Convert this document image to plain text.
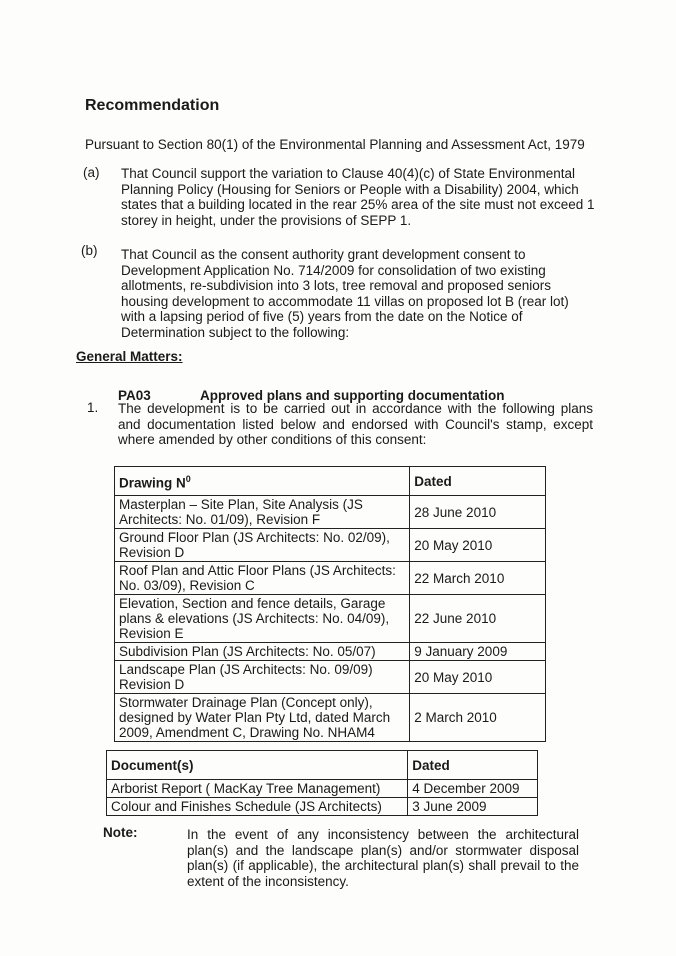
Recommendation
Pursuant to Section 80(1) of the Environmental Planning and Assessment Act, 1979
(a) That Council support the variation to Clause 40(4)(c) of State Environmental Planning Policy (Housing for Seniors or People with a Disability) 2004, which states that a building located in the rear 25% area of the site must not exceed 1 storey in height, under the provisions of SEPP 1.
(b) That Council as the consent authority grant development consent to Development Application No. 714/2009 for consolidation of two existing allotments, re-subdivision into 3 lots, tree removal and proposed seniors housing development to accommodate 11 villas on proposed lot B (rear lot) with a lapsing period of five (5) years from the date on the Notice of Determination subject to the following:
General Matters:
PA03	Approved plans and supporting documentation
1. The development is to be carried out in accordance with the following plans and documentation listed below and endorsed with Council's stamp, except where amended by other conditions of this consent:
Drawing $N^0$	Dated
Masterplan – Site Plan, Site Analysis (JS Architects: No. 01/09), Revision F	28 June 2010
Ground Floor Plan (JS Architects: No. 02/09), Revision D	20 May 2010
Roof Plan and Attic Floor Plans (JS Architects: No. 03/09), Revision C	22 March 2010
Elevation, Section and fence details, Garage plans & elevations (JS Architects: No. 04/09), Revision E	22 June 2010
Subdivision Plan (JS Architects: No. 05/07)	9 January 2009
Landscape Plan (JS Architects: No. 09/09) Revision D	20 May 2010
Stormwater Drainage Plan (Concept only), designed by Water Plan Pty Ltd, dated March 2009, Amendment C, Drawing No. NHAM4	2 March 2010
Document(s)	Dated
Arborist Report ( MacKay Tree Management)	4 December 2009
Colour and Finishes Schedule (JS Architects)	3 June 2009
Note:	In the event of any inconsistency between the architectural plan(s) and the landscape plan(s) and/or stormwater disposal plan(s) (if applicable), the architectural plan(s) shall prevail to the extent of the inconsistency.
